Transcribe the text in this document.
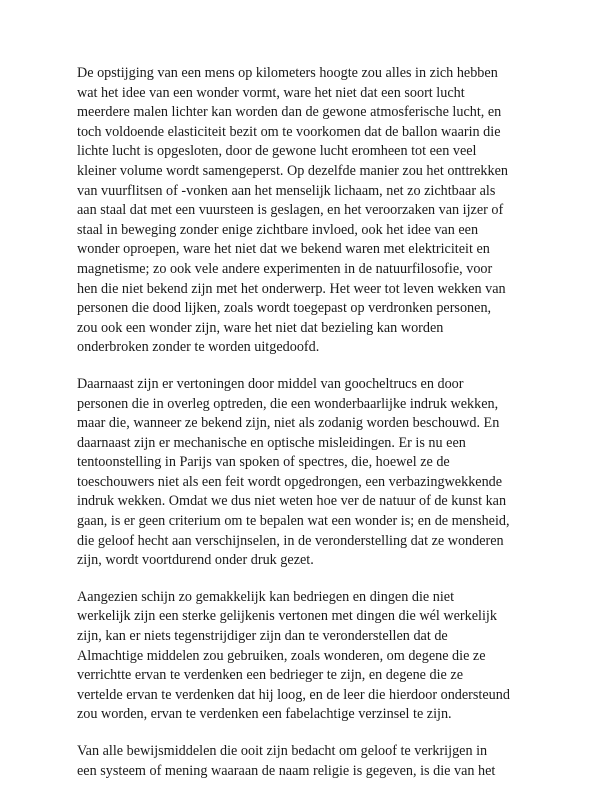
De opstijging van een mens op kilometers hoogte zou alles in zich hebben
wat het idee van een wonder vormt, ware het niet dat een soort lucht
meerdere malen lichter kan worden dan de gewone atmosferische lucht, en
toch voldoende elasticiteit bezit om te voorkomen dat de ballon waarin die
lichte lucht is opgesloten, door de gewone lucht eromheen tot een veel
kleiner volume wordt samengeperst. Op dezelfde manier zou het onttrekken
van vuurflitsen of -vonken aan het menselijk lichaam, net zo zichtbaar als
aan staal dat met een vuursteen is geslagen, en het veroorzaken van ijzer of
staal in beweging zonder enige zichtbare invloed, ook het idee van een
wonder oproepen, ware het niet dat we bekend waren met elektriciteit en
magnetisme; zo ook vele andere experimenten in de natuurfilosofie, voor
hen die niet bekend zijn met het onderwerp. Het weer tot leven wekken van
personen die dood lijken, zoals wordt toegepast op verdronken personen,
zou ook een wonder zijn, ware het niet dat bezieling kan worden
onderbroken zonder te worden uitgedoofd.

Daarnaast zijn er vertoningen door middel van goocheltrucs en door
personen die in overleg optreden, die een wonderbaarlijke indruk wekken,
maar die, wanneer ze bekend zijn, niet als zodanig worden beschouwd. En
daarnaast zijn er mechanische en optische misleidingen. Er is nu een
tentoonstelling in Parijs van spoken of spectres, die, hoewel ze de
toeschouwers niet als een feit wordt opgedrongen, een verbazingwekkende
indruk wekken. Omdat we dus niet weten hoe ver de natuur of de kunst kan
gaan, is er geen criterium om te bepalen wat een wonder is; en de mensheid,
die geloof hecht aan verschijnselen, in de veronderstelling dat ze wonderen
zijn, wordt voortdurend onder druk gezet.

Aangezien schijn zo gemakkelijk kan bedriegen en dingen die niet
werkelijk zijn een sterke gelijkenis vertonen met dingen die wél werkelijk
zijn, kan er niets tegenstrijdiger zijn dan te veronderstellen dat de
Almachtige middelen zou gebruiken, zoals wonderen, om degene die ze
verrichtte ervan te verdenken een bedrieger te zijn, en degene die ze
vertelde ervan te verdenken dat hij loog, en de leer die hierdoor ondersteund
zou worden, ervan te verdenken een fabelachtige verzinsel te zijn.

Van alle bewijsmiddelen die ooit zijn bedacht om geloof te verkrijgen in
een systeem of mening waaraan de naam religie is gegeven, is die van het
